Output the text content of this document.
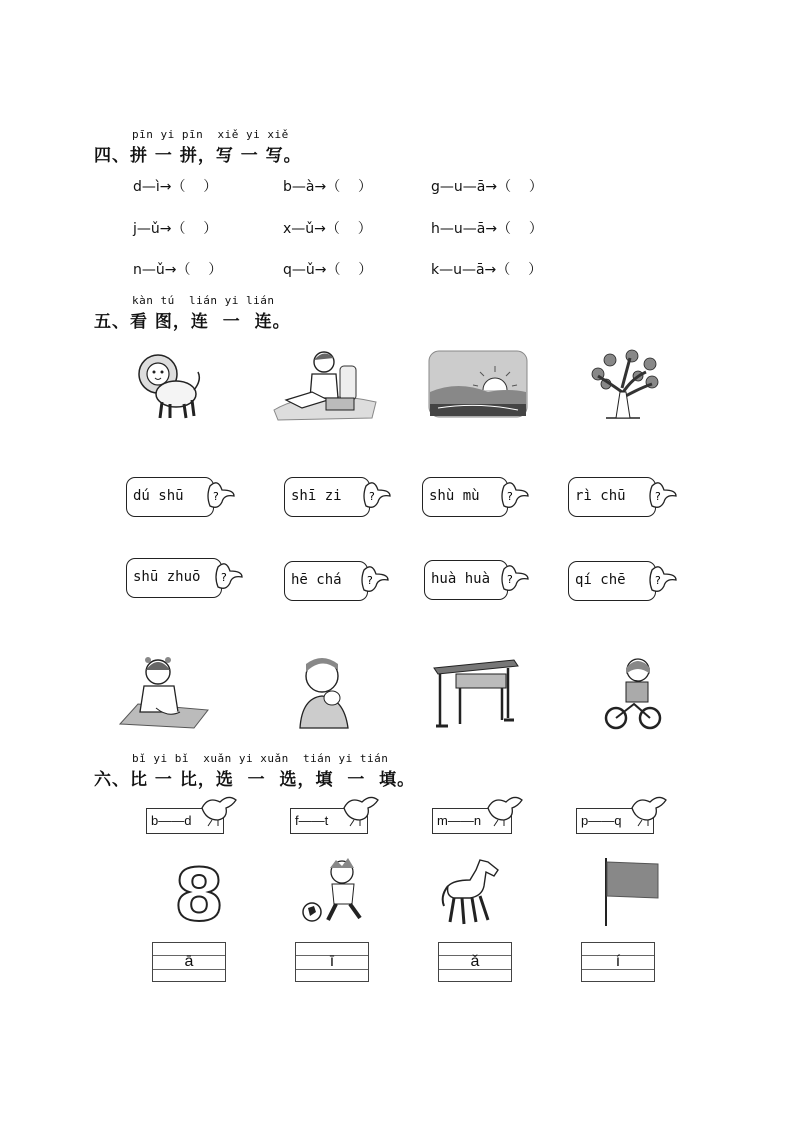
pīn yi pīn  xiě yi xiě
四、拼 一 拼，写 一 写。
d—ì→（    ）	b—à→（    ）	g—u—ā→（    ）
j—ǔ→（    ）	x—ǔ→（    ）	h—u—ā→（    ）
n—ǔ→（    ）	q—ǔ→（    ）	k—u—ā→（    ）
kàn tú  lián yi lián
五、看 图，连  一  连。
dú shū	shī zi	shù mù	rì chū
shū zhuō	hē chá	huà huà	qí chē
?	?	?	?
?	?	?	?
bǐ yi bǐ  xuǎn yi xuǎn  tián yi tián
六、比 一 比，选  一  选，填  一  填。
b——d	f——t	m——n	p——q
8
ā	ī	ǎ	í
